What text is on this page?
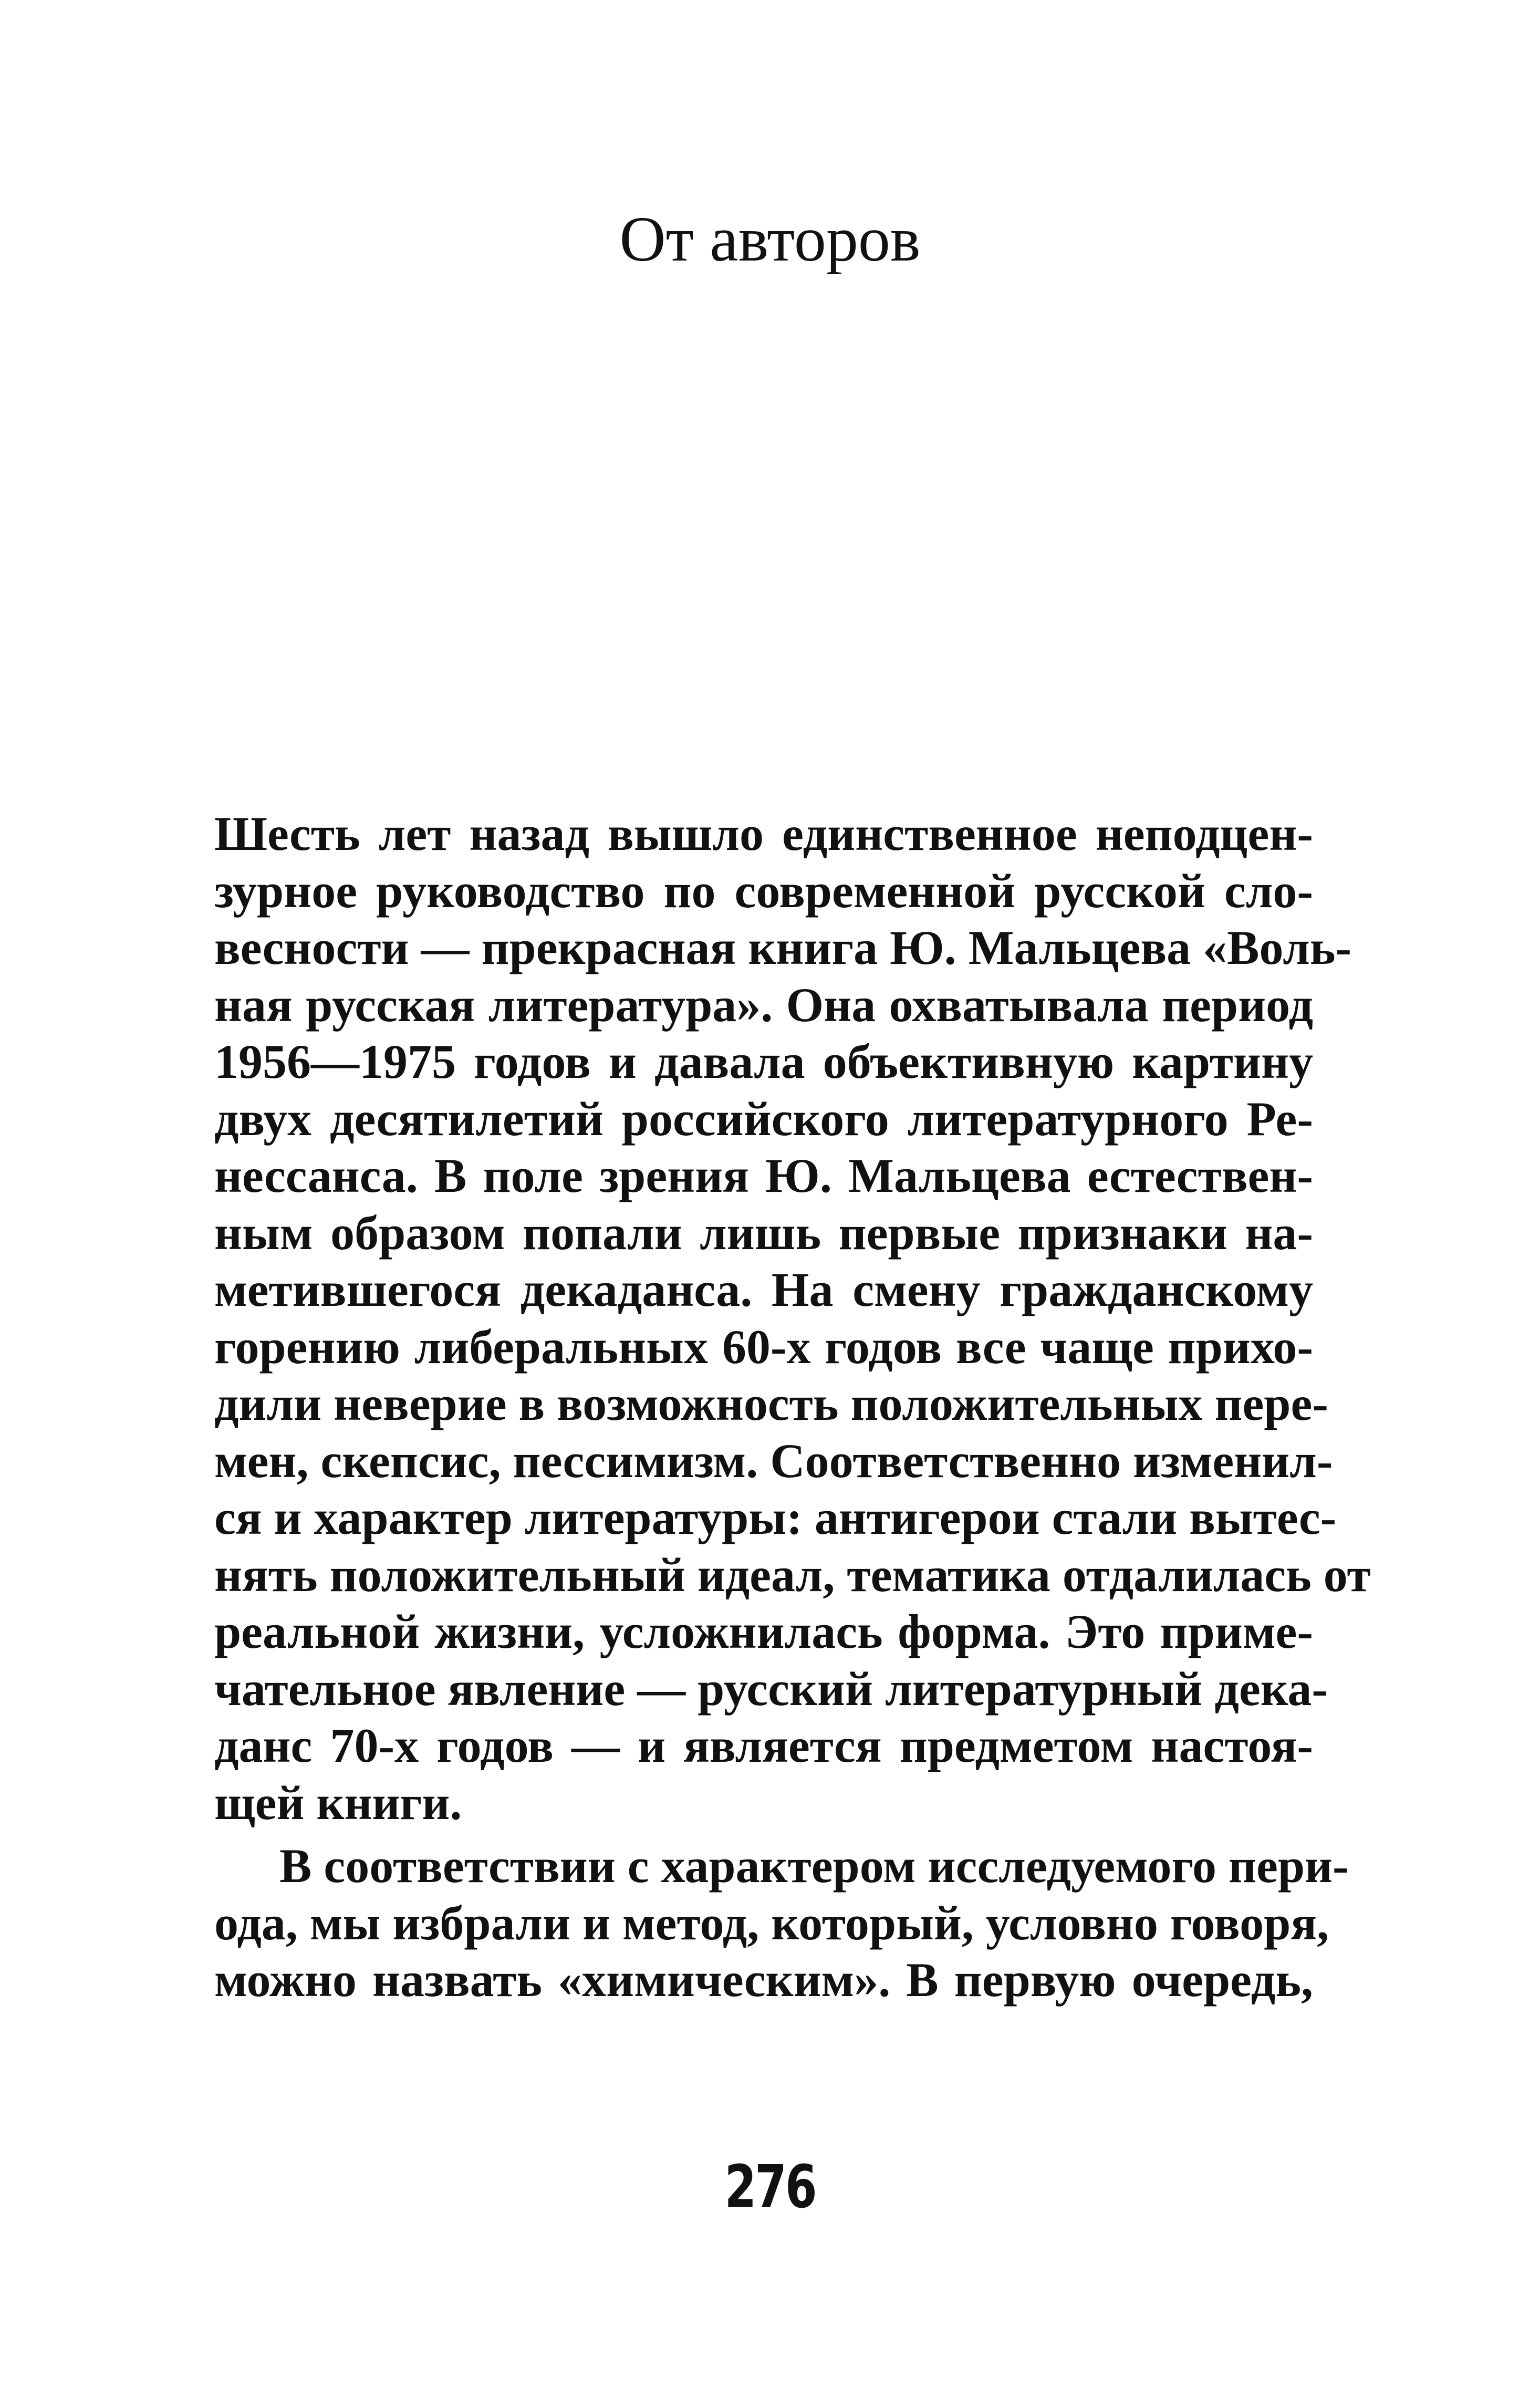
От авторов
Шесть лет назад вышло единственное неподцен-
зурное руководство по современной русской сло-
весности — прекрасная книга Ю. Мальцева «Воль-
ная русская литература». Она охватывала период
1956—1975 годов и давала объективную картину
двух десятилетий российского литературного Ре-
нессанса. В поле зрения Ю. Мальцева естествен-
ным образом попали лишь первые признаки на-
метившегося декаданса. На смену гражданскому
горению либеральных 60-х годов все чаще прихо-
дили неверие в возможность положительных пере-
мен, скепсис, пессимизм. Соответственно изменил-
ся и характер литературы: антигерои стали вытес-
нять положительный идеал, тематика отдалилась от
реальной жизни, усложнилась форма. Это приме-
чательное явление — русский литературный дека-
данс 70-х годов — и является предметом настоя-
щей книги.
В соответствии с характером исследуемого пери-
ода, мы избрали и метод, который, условно говоря,
можно назвать «химическим». В первую очередь,
276
